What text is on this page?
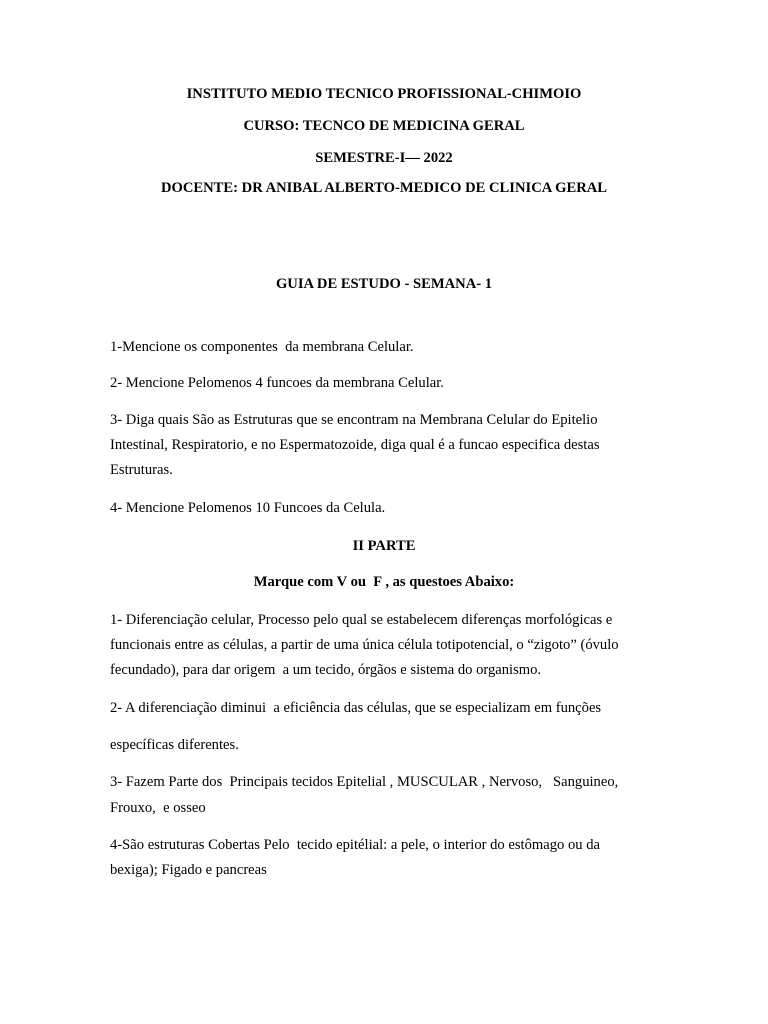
INSTITUTO MEDIO TECNICO PROFISSIONAL-CHIMOIO
CURSO: TECNCO DE MEDICINA GERAL
SEMESTRE-I— 2022
DOCENTE: DR ANIBAL ALBERTO-MEDICO DE CLINICA GERAL
GUIA DE ESTUDO - SEMANA- 1
1-Mencione os componentes  da membrana Celular.
2- Mencione Pelomenos 4 funcoes da membrana Celular.
3- Diga quais São as Estruturas que se encontram na Membrana Celular do Epitelio
Intestinal, Respiratorio, e no Espermatozoide, diga qual é a funcao especifica destas
Estruturas.
4- Mencione Pelomenos 10 Funcoes da Celula.
II PARTE
Marque com V ou  F , as questoes Abaixo:
1- Diferenciação celular, Processo pelo qual se estabelecem diferenças morfológicas e
funcionais entre as células, a partir de uma única célula totipotencial, o “zigoto” (óvulo
fecundado), para dar origem  a um tecido, órgãos e sistema do organismo.
2- A diferenciação diminui  a eficiência das células, que se especializam em funções
específicas diferentes.
3- Fazem Parte dos  Principais tecidos Epitelial , MUSCULAR , Nervoso,   Sanguineo,
Frouxo,  e osseo
4-São estruturas Cobertas Pelo  tecido epitélial: a pele, o interior do estômago ou da
bexiga); Figado e pancreas
